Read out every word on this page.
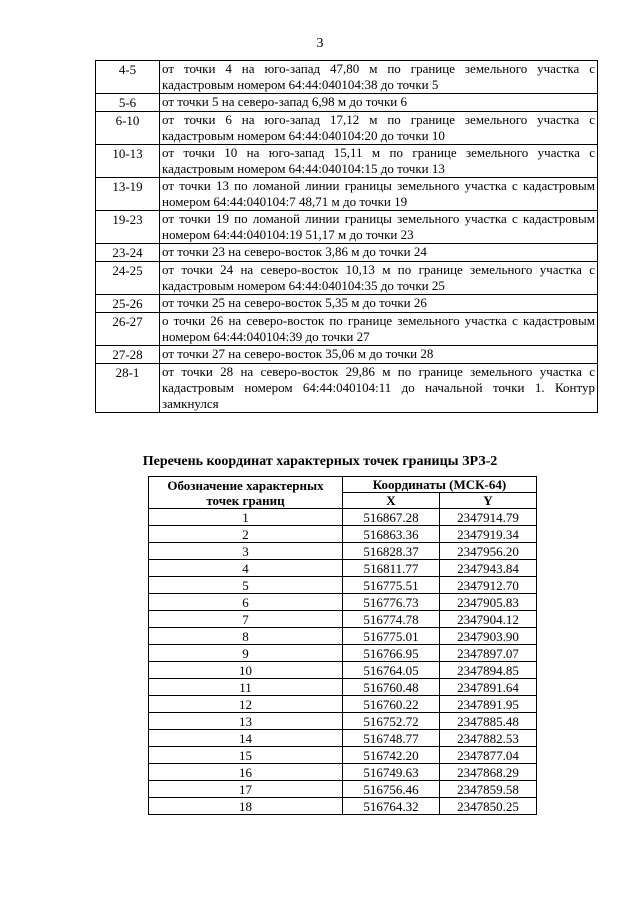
3
4-5	от точки 4 на юго-запад 47,80 м по границе земельного участка с кадастровым номером 64:44:040104:38 до точки 5
5-6	от точки 5 на северо-запад 6,98 м до точки 6
6-10	от точки 6 на юго-запад 17,12 м по границе земельного участка с кадастровым номером 64:44:040104:20 до точки 10
10-13	от точки 10 на юго-запад 15,11 м по границе земельного участка с кадастровым номером 64:44:040104:15 до точки 13
13-19	от точки 13 по ломаной линии границы земельного участка с кадастровым номером 64:44:040104:7 48,71 м до точки 19
19-23	от точки 19 по ломаной линии границы земельного участка с кадастровым номером 64:44:040104:19 51,17 м до точки 23
23-24	от точки 23 на северо-восток 3,86 м до точки 24
24-25	от точки 24 на северо-восток 10,13 м по границе земельного участка с кадастровым номером 64:44:040104:35 до точки 25
25-26	от точки 25 на северо-восток 5,35 м до точки 26
26-27	о точки 26 на северо-восток по границе земельного участка с кадастровым номером 64:44:040104:39 до точки 27
27-28	от точки 27 на северо-восток 35,06 м до точки 28
28-1	от точки 28 на северо-восток 29,86 м по границе земельного участка с кадастровым номером 64:44:040104:11 до начальной точки 1. Контур замкнулся
Перечень координат характерных точек границы ЗРЗ-2
Обозначение характерных точек границ	Координаты (МСК-64)	
	X	Y
1	516867.28	2347914.79
2	516863.36	2347919.34
3	516828.37	2347956.20
4	516811.77	2347943.84
5	516775.51	2347912.70
6	516776.73	2347905.83
7	516774.78	2347904.12
8	516775.01	2347903.90
9	516766.95	2347897.07
10	516764.05	2347894.85
11	516760.48	2347891.64
12	516760.22	2347891.95
13	516752.72	2347885.48
14	516748.77	2347882.53
15	516742.20	2347877.04
16	516749.63	2347868.29
17	516756.46	2347859.58
18	516764.32	2347850.25
